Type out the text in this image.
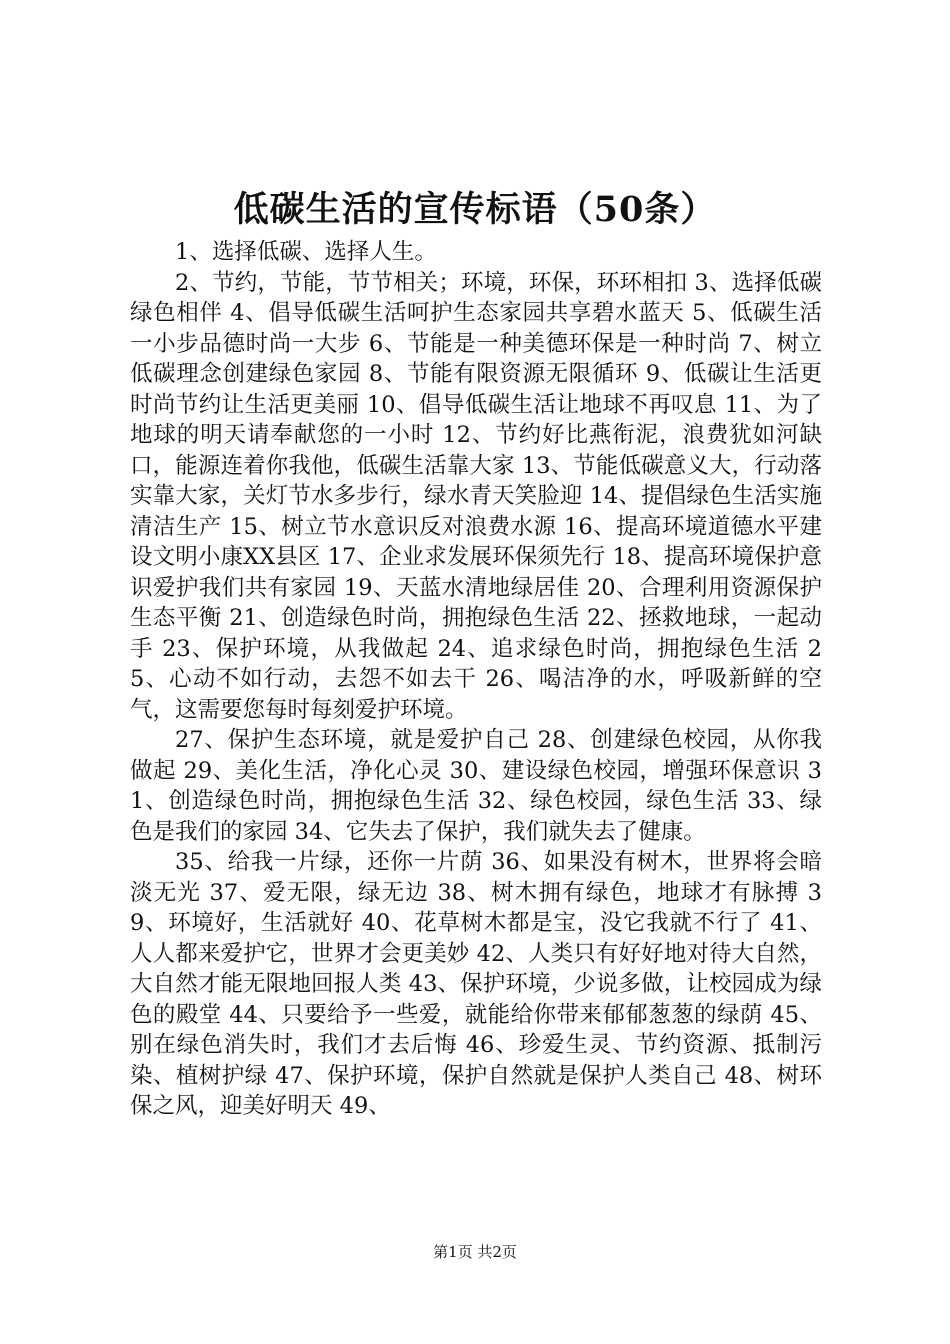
低碳生活的宣传标语（50条）

1、选择低碳、选择人生。

2、节约，节能，节节相关；环境，环保，环环相扣 3、选择低碳绿色相伴 4、倡导低碳生活呵护生态家园共享碧水蓝天 5、低碳生活一小步品德时尚一大步 6、节能是一种美德环保是一种时尚 7、树立低碳理念创建绿色家园 8、节能有限资源无限循环 9、低碳让生活更时尚节约让生活更美丽 10、倡导低碳生活让地球不再叹息 11、为了地球的明天请奉献您的一小时 12、节约好比燕衔泥，浪费犹如河缺口，能源连着你我他，低碳生活靠大家 13、节能低碳意义大，行动落实靠大家，关灯节水多步行，绿水青天笑脸迎 14、提倡绿色生活实施清洁生产 15、树立节水意识反对浪费水源 16、提高环境道德水平建设文明小康XX县区 17、企业求发展环保须先行 18、提高环境保护意识爱护我们共有家园 19、天蓝水清地绿居佳 20、合理利用资源保护生态平衡 21、创造绿色时尚，拥抱绿色生活 22、拯救地球，一起动手 23、保护环境，从我做起 24、追求绿色时尚，拥抱绿色生活 25、心动不如行动，去怨不如去干 26、喝洁净的水，呼吸新鲜的空气，这需要您每时每刻爱护环境。

27、保护生态环境，就是爱护自己 28、创建绿色校园，从你我做起 29、美化生活，净化心灵 30、建设绿色校园，增强环保意识 31、创造绿色时尚，拥抱绿色生活 32、绿色校园，绿色生活 33、绿色是我们的家园 34、它失去了保护，我们就失去了健康。

35、给我一片绿，还你一片荫 36、如果没有树木，世界将会暗淡无光 37、爱无限，绿无边 38、树木拥有绿色，地球才有脉搏 39、环境好，生活就好 40、花草树木都是宝，没它我就不行了 41、人人都来爱护它，世界才会更美妙 42、人类只有好好地对待大自然，大自然才能无限地回报人类 43、保护环境，少说多做，让校园成为绿色的殿堂 44、只要给予一些爱，就能给你带来郁郁葱葱的绿荫 45、别在绿色消失时，我们才去后悔 46、珍爱生灵、节约资源、抵制污染、植树护绿 47、保护环境，保护自然就是保护人类自己 48、树环保之风，迎美好明天 49、

第1页 共2页
